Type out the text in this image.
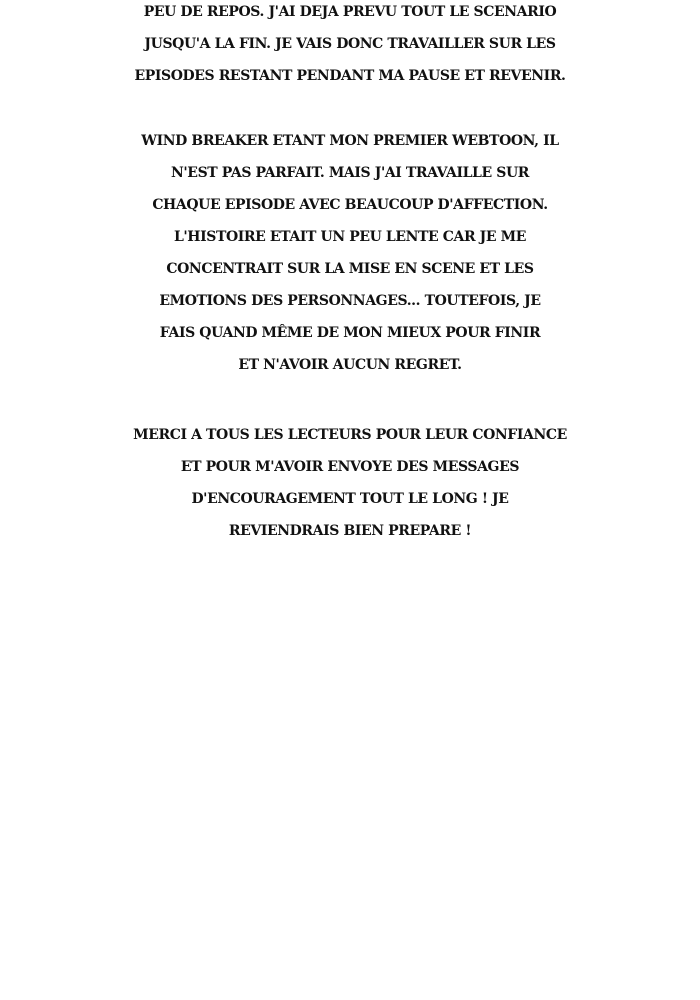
PEU DE REPOS. J'AI DEJA PREVU TOUT LE SCENARIO
JUSQU'A LA FIN. JE VAIS DONC TRAVAILLER SUR LES
EPISODES RESTANT PENDANT MA PAUSE ET REVENIR.
WIND BREAKER ETANT MON PREMIER WEBTOON, IL
N'EST PAS PARFAIT. MAIS J'AI TRAVAILLE SUR
CHAQUE EPISODE AVEC BEAUCOUP D'AFFECTION.
L'HISTOIRE ETAIT UN PEU LENTE CAR JE ME
CONCENTRAIT SUR LA MISE EN SCENE ET LES
EMOTIONS DES PERSONNAGES... TOUTEFOIS, JE
FAIS QUAND MÊME DE MON MIEUX POUR FINIR
ET N'AVOIR AUCUN REGRET.
MERCI A TOUS LES LECTEURS POUR LEUR CONFIANCE
ET POUR M'AVOIR ENVOYE DES MESSAGES
D'ENCOURAGEMENT TOUT LE LONG ! JE
REVIENDRAIS BIEN PREPARE !
